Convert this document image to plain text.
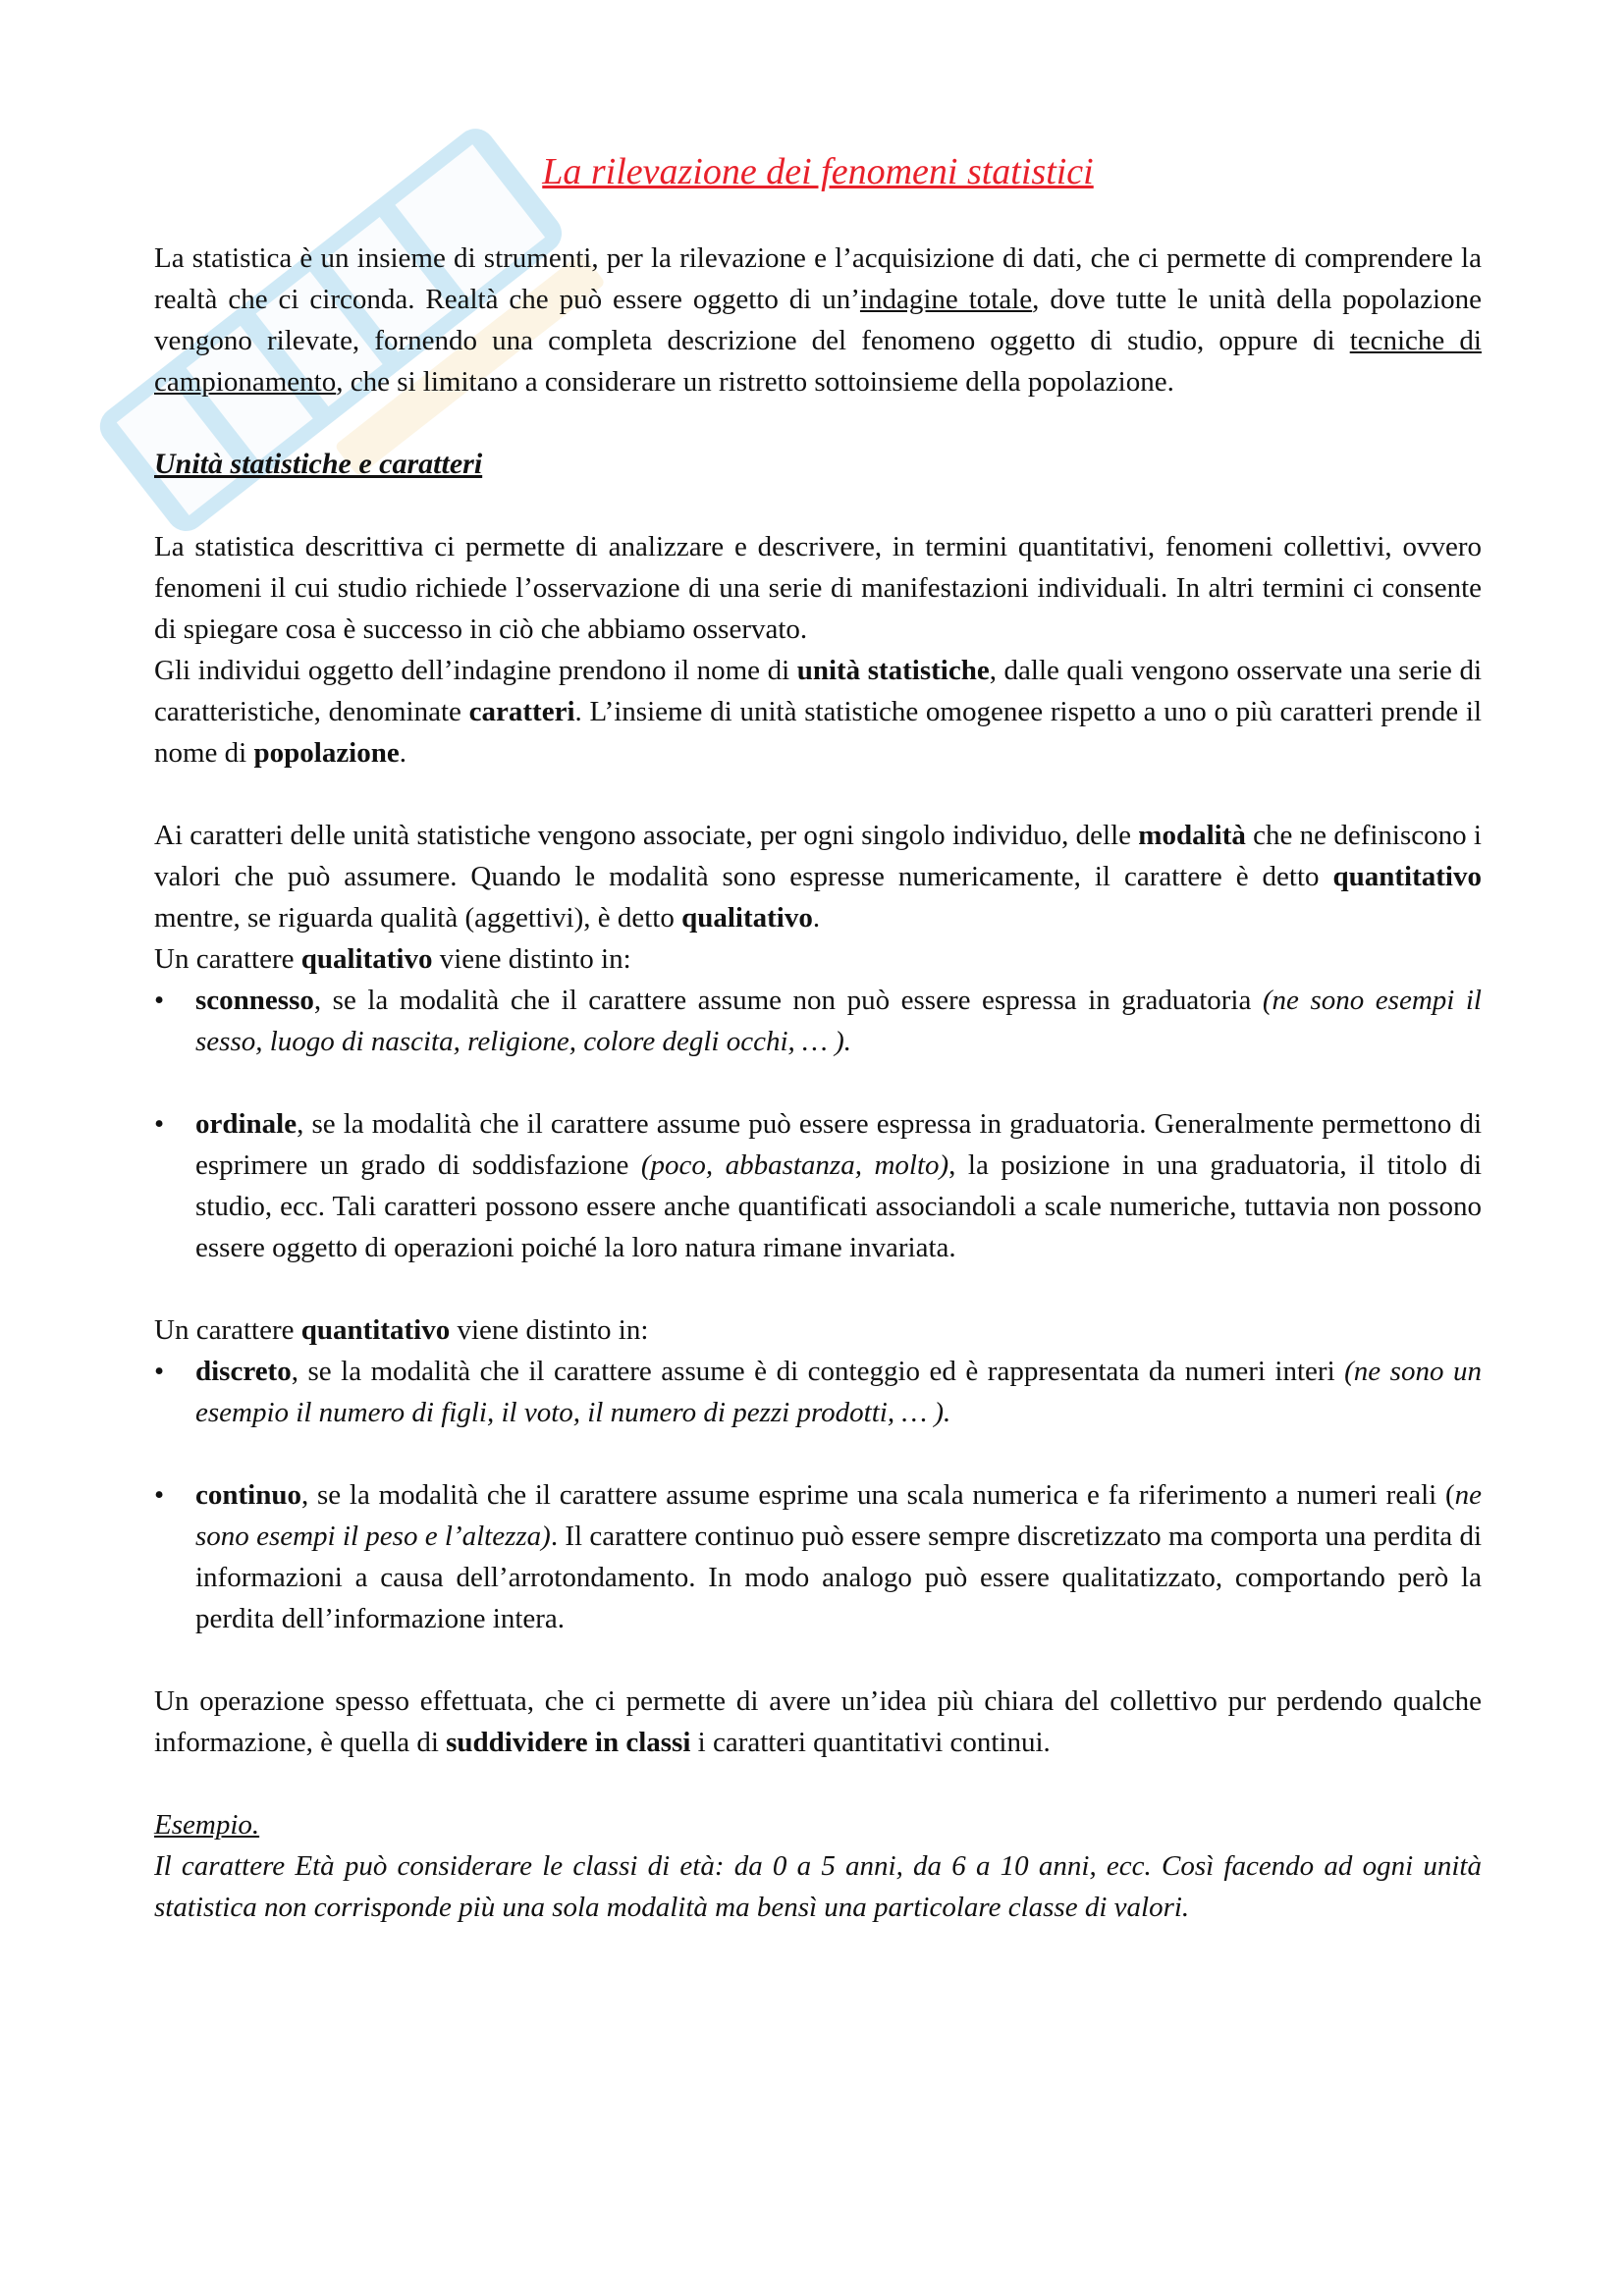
La rilevazione dei fenomeni statistici

La statistica è un insieme di strumenti, per la rilevazione e l’acquisizione di dati, che ci permette di comprendere la realtà che ci circonda. Realtà che può essere oggetto di un’indagine totale, dove tutte le unità della popolazione vengono rilevate, fornendo una completa descrizione del fenomeno oggetto di studio, oppure di tecniche di campionamento, che si limitano a considerare un ristretto sottoinsieme della popolazione.

Unità statistiche e caratteri

La statistica descrittiva ci permette di analizzare e descrivere, in termini quantitativi, fenomeni collettivi, ovvero fenomeni il cui studio richiede l’osservazione di una serie di manifestazioni individuali. In altri termini ci consente di spiegare cosa è successo in ciò che abbiamo osservato.

Gli individui oggetto dell’indagine prendono il nome di unità statistiche, dalle quali vengono osservate una serie di caratteristiche, denominate caratteri. L’insieme di unità statistiche omogenee rispetto a uno o più caratteri prende il nome di popolazione.

Ai caratteri delle unità statistiche vengono associate, per ogni singolo individuo, delle modalità che ne definiscono i valori che può assumere. Quando le modalità sono espresse numericamente, il carattere è detto quantitativo mentre, se riguarda qualità (aggettivi), è detto qualitativo.

Un carattere qualitativo viene distinto in:

• sconnesso, se la modalità che il carattere assume non può essere espressa in graduatoria (ne sono esempi il sesso, luogo di nascita, religione, colore degli occhi, … ).
• ordinale, se la modalità che il carattere assume può essere espressa in graduatoria. Generalmente permettono di esprimere un grado di soddisfazione (poco, abbastanza, molto), la posizione in una graduatoria, il titolo di studio, ecc. Tali caratteri possono essere anche quantificati associandoli a scale numeriche, tuttavia non possono essere oggetto di operazioni poiché la loro natura rimane invariata.

Un carattere quantitativo viene distinto in:

• discreto, se la modalità che il carattere assume è di conteggio ed è rappresentata da numeri interi (ne sono un esempio il numero di figli, il voto, il numero di pezzi prodotti, … ).
• continuo, se la modalità che il carattere assume esprime una scala numerica e fa riferimento a numeri reali (ne sono esempi il peso e l’altezza). Il carattere continuo può essere sempre discretizzato ma comporta una perdita di informazioni a causa dell’arrotondamento. In modo analogo può essere qualitatizzato, comportando però la perdita dell’informazione intera.

Un operazione spesso effettuata, che ci permette di avere un’idea più chiara del collettivo pur perdendo qualche informazione, è quella di suddividere in classi i caratteri quantitativi continui.

Esempio.

Il carattere Età può considerare le classi di età: da 0 a 5 anni, da 6 a 10 anni, ecc. Così facendo ad ogni unità statistica non corrisponde più una sola modalità ma bensì una particolare classe di valori.
